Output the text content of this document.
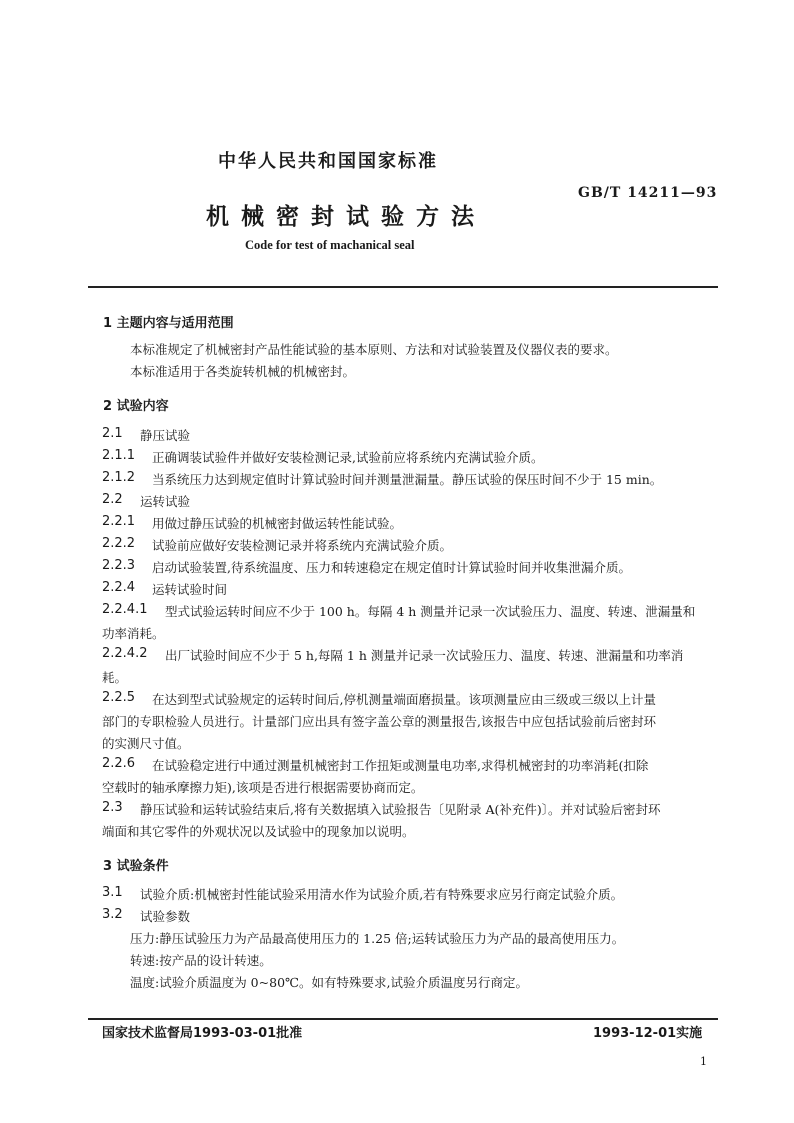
中华人民共和国国家标准
GB/T 14211—93
机械密封试验方法
Code for test of machanical seal
1 主题内容与适用范围
本标准规定了机械密封产品性能试验的基本原则、方法和对试验装置及仪器仪表的要求。
本标准适用于各类旋转机械的机械密封。
2 试验内容
2.1 静压试验
2.1.1 正确调装试验件并做好安装检测记录,试验前应将系统内充满试验介质。
2.1.2 当系统压力达到规定值时计算试验时间并测量泄漏量。静压试验的保压时间不少于 15 min。
2.2 运转试验
2.2.1 用做过静压试验的机械密封做运转性能试验。
2.2.2 试验前应做好安装检测记录并将系统内充满试验介质。
2.2.3 启动试验装置,待系统温度、压力和转速稳定在规定值时计算试验时间并收集泄漏介质。
2.2.4 运转试验时间
2.2.4.1 型式试验运转时间应不少于 100 h。每隔 4 h 测量并记录一次试验压力、温度、转速、泄漏量和
功率消耗。
2.2.4.2 出厂试验时间应不少于 5 h,每隔 1 h 测量并记录一次试验压力、温度、转速、泄漏量和功率消
耗。
2.2.5 在达到型式试验规定的运转时间后,停机测量端面磨损量。该项测量应由三级或三级以上计量
部门的专职检验人员进行。计量部门应出具有签字盖公章的测量报告,该报告中应包括试验前后密封环
的实测尺寸值。
2.2.6 在试验稳定进行中通过测量机械密封工作扭矩或测量电功率,求得机械密封的功率消耗(扣除
空载时的轴承摩擦力矩),该项是否进行根据需要协商而定。
2.3 静压试验和运转试验结束后,将有关数据填入试验报告〔见附录 A(补充件)〕。并对试验后密封环
端面和其它零件的外观状况以及试验中的现象加以说明。
3 试验条件
3.1 试验介质:机械密封性能试验采用清水作为试验介质,若有特殊要求应另行商定试验介质。
3.2 试验参数
压力:静压试验压力为产品最高使用压力的 1.25 倍;运转试验压力为产品的最高使用压力。
转速:按产品的设计转速。
温度:试验介质温度为 0~80℃。如有特殊要求,试验介质温度另行商定。
国家技术监督局1993-03-01批准	1993-12-01实施
1
